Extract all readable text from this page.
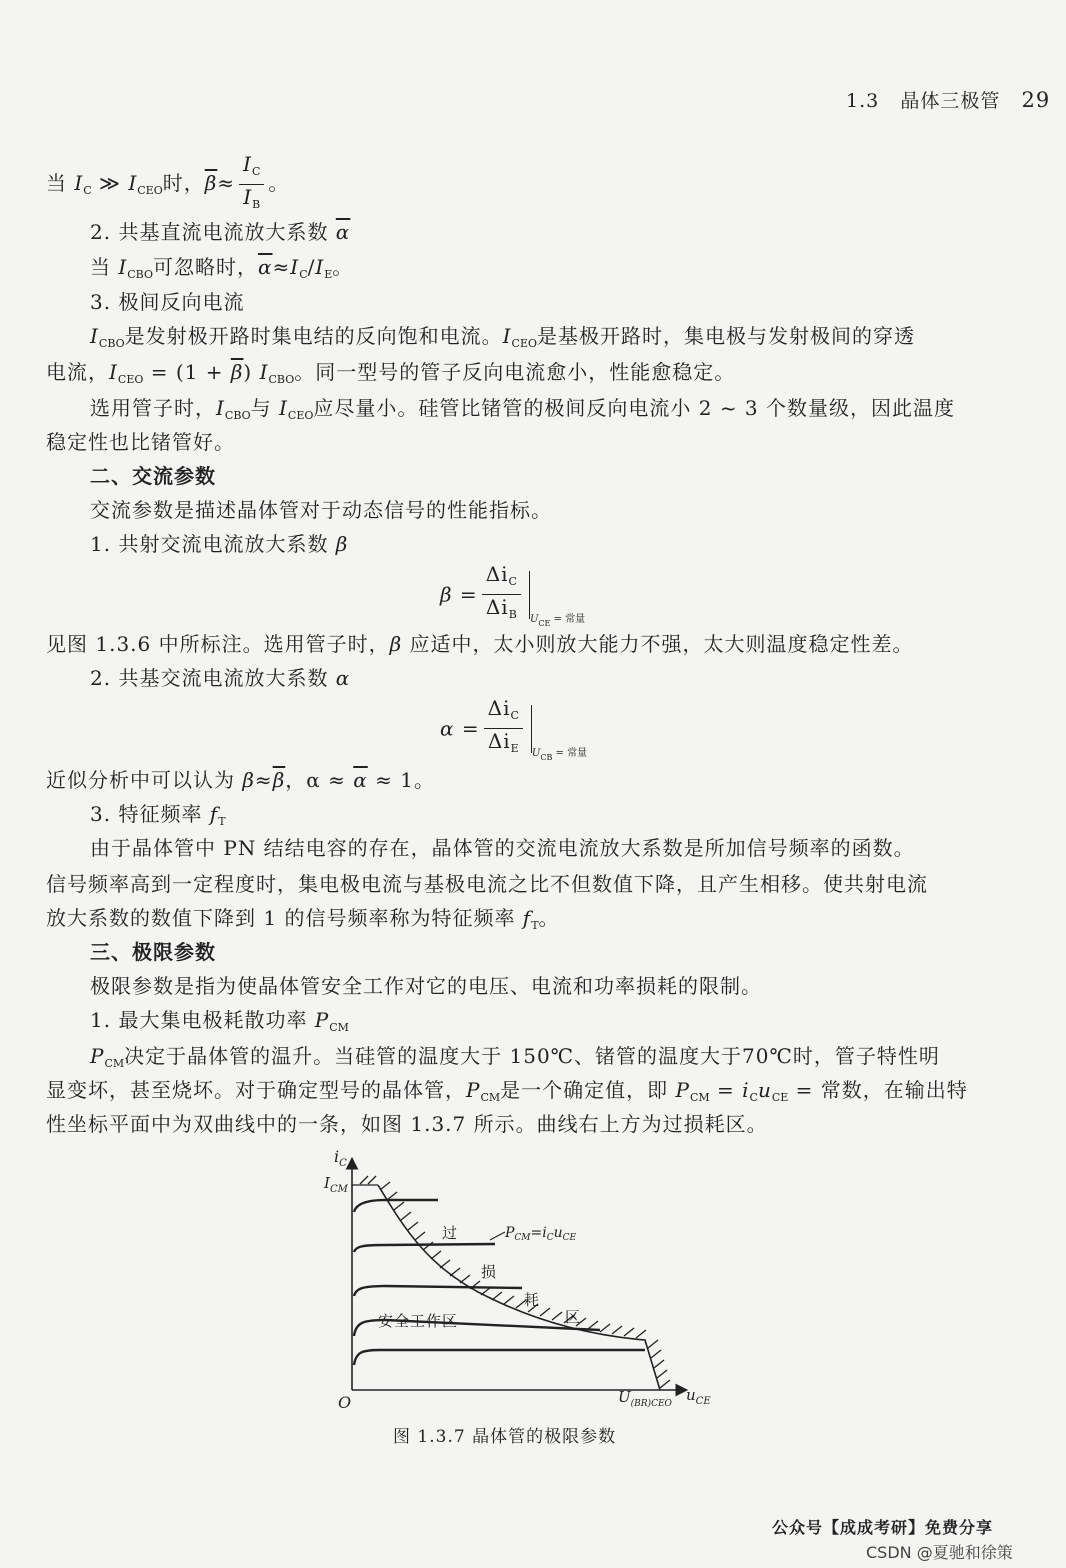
1.3 晶体三极管 29
当 $I_C$ ≫ $I_{CEO}$时，$\overline{\beta}\approx \frac{I_C}{I_B}$ 。
2. 共基直流电流放大系数 $\overline{\alpha}$
当 $I_{CBO}$可忽略时，$\overline{\alpha}\approx I_C/I_E$。
3. 极间反向电流
$I_{CBO}$是发射极开路时集电结的反向饱和电流。$I_{CEO}$是基极开路时，集电极与发射极间的穿透
电流，$I_{CEO} = (1 + \overline{\beta})$ $I_{CBO}$。同一型号的管子反向电流愈小，性能愈稳定。
选用管子时，$I_{CBO}$与 $I_{CEO}$应尽量小。硅管比锗管的极间反向电流小 2 ~ 3 个数量级，因此温度
稳定性也比锗管好。
二、交流参数
交流参数是描述晶体管对于动态信号的性能指标。
1. 共射交流电流放大系数 β
$\beta = \frac{\Delta i_C}{\Delta i_B} _{U_{CE} = 常量}$
见图 1.3.6 中所标注。选用管子时，β 应适中，太小则放大能力不强，太大则温度稳定性差。
2. 共基交流电流放大系数 α
$\alpha = \frac{\Delta i_C}{\Delta i_E} _{U_{CB} = 常量}$
近似分析中可以认为 $\beta\approx\overline{\beta}$，$\alpha \approx \overline{\alpha} \approx 1$。
3. 特征频率 $f_T$
由于晶体管中 PN 结结电容的存在，晶体管的交流电流放大系数是所加信号频率的函数。
信号频率高到一定程度时，集电极电流与基极电流之比不但数值下降，且产生相移。使共射电流
放大系数的数值下降到 1 的信号频率称为特征频率 $f_T$。
三、极限参数
极限参数是指为使晶体管安全工作对它的电压、电流和功率损耗的限制。
1. 最大集电极耗散功率 $P_{CM}$
$P_{CM}$决定于晶体管的温升。当硅管的温度大于 150℃、锗管的温度大于70℃时，管子特性明
显变坏，甚至烧坏。对于确定型号的晶体管，$P_{CM}$是一个确定值，即 $P_{CM} = i_Cu_{CE}$ = 常数，在输出特
性坐标平面中为双曲线中的一条，如图 1.3.7 所示。曲线右上方为过损耗区。
$i_C$
$I_{CM}$
O	$u_{CE}$
$U_{(BR)CEO}$
$P_{CM}=i_Cu_{CE}$
过
损
耗
区
安全工作区
图 1.3.7 晶体管的极限参数
公众号【成成考研】免费分享
CSDN @夏驰和徐策
